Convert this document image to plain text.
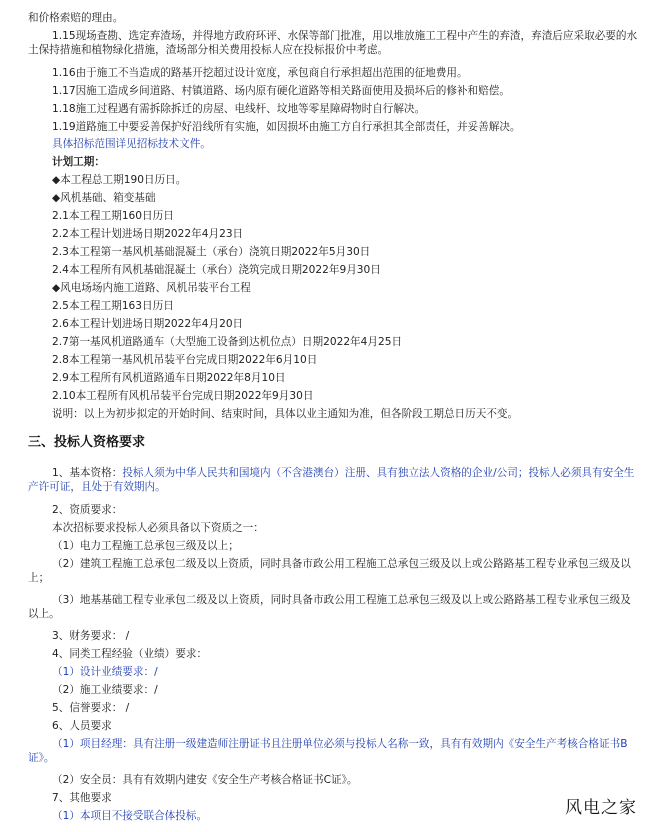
和价格索赔的理由。
1.15现场查勘、选定弃渣场，并得地方政府环评、水保等部门批准，用以堆放施工工程中产生的弃渣，弃渣后应采取必要的水土保持措施和植物绿化措施，渣场部分相关费用投标人应在投标报价中考虑。
1.16由于施工不当造成的路基开挖超过设计宽度，承包商自行承担超出范围的征地费用。
1.17因施工造成乡间道路、村镇道路、场内原有硬化道路等相关路面使用及损坏后的修补和赔偿。
1.18施工过程遇有需拆除拆迁的房屋、电线杆、坟地等零星障碍物时自行解决。
1.19道路施工中要妥善保护好沿线所有实施，如因损坏由施工方自行承担其全部责任，并妥善解决。
具体招标范围详见招标技术文件。
计划工期：
◆本工程总工期190日历日。
◆风机基础、箱变基础
2.1本工程工期160日历日
2.2本工程计划进场日期2022年4月23日
2.3本工程第一基风机基础混凝土（承台）浇筑日期2022年5月30日
2.4本工程所有风机基础混凝土（承台）浇筑完成日期2022年9月30日
◆风电场场内施工道路、风机吊装平台工程
2.5本工程工期163日历日
2.6本工程计划进场日期2022年4月20日
2.7第一基风机道路通车（大型施工设备到达机位点）日期2022年4月25日
2.8本工程第一基风机吊装平台完成日期2022年6月10日
2.9本工程所有风机道路通车日期2022年8月10日
2.10本工程所有风机吊装平台完成日期2022年9月30日
说明：以上为初步拟定的开始时间、结束时间，具体以业主通知为准，但各阶段工期总日历天不变。
三、投标人资格要求
1、基本资格：投标人须为中华人民共和国境内（不含港澳台）注册、具有独立法人资格的企业/公司；投标人必须具有安全生产许可证，且处于有效期内。
2、资质要求：
本次招标要求投标人必须具备以下资质之一：
（1）电力工程施工总承包三级及以上；
（2）建筑工程施工总承包二级及以上资质，同时具备市政公用工程施工总承包三级及以上或公路路基工程专业承包三级及以上；
（3）地基基础工程专业承包二级及以上资质，同时具备市政公用工程施工总承包三级及以上或公路路基工程专业承包三级及以上。
3、财务要求： /
4、同类工程经验（业绩）要求：
（1）设计业绩要求：/
（2）施工业绩要求：/
5、信誉要求： /
6、人员要求
（1）项目经理：具有注册一级建造师注册证书且注册单位必须与投标人名称一致，具有有效期内《安全生产考核合格证书B证》。
（2）安全员：具有有效期内建安《安全生产考核合格证书C证》。
7、其他要求
（1）本项目不接受联合体投标。	风电之家
